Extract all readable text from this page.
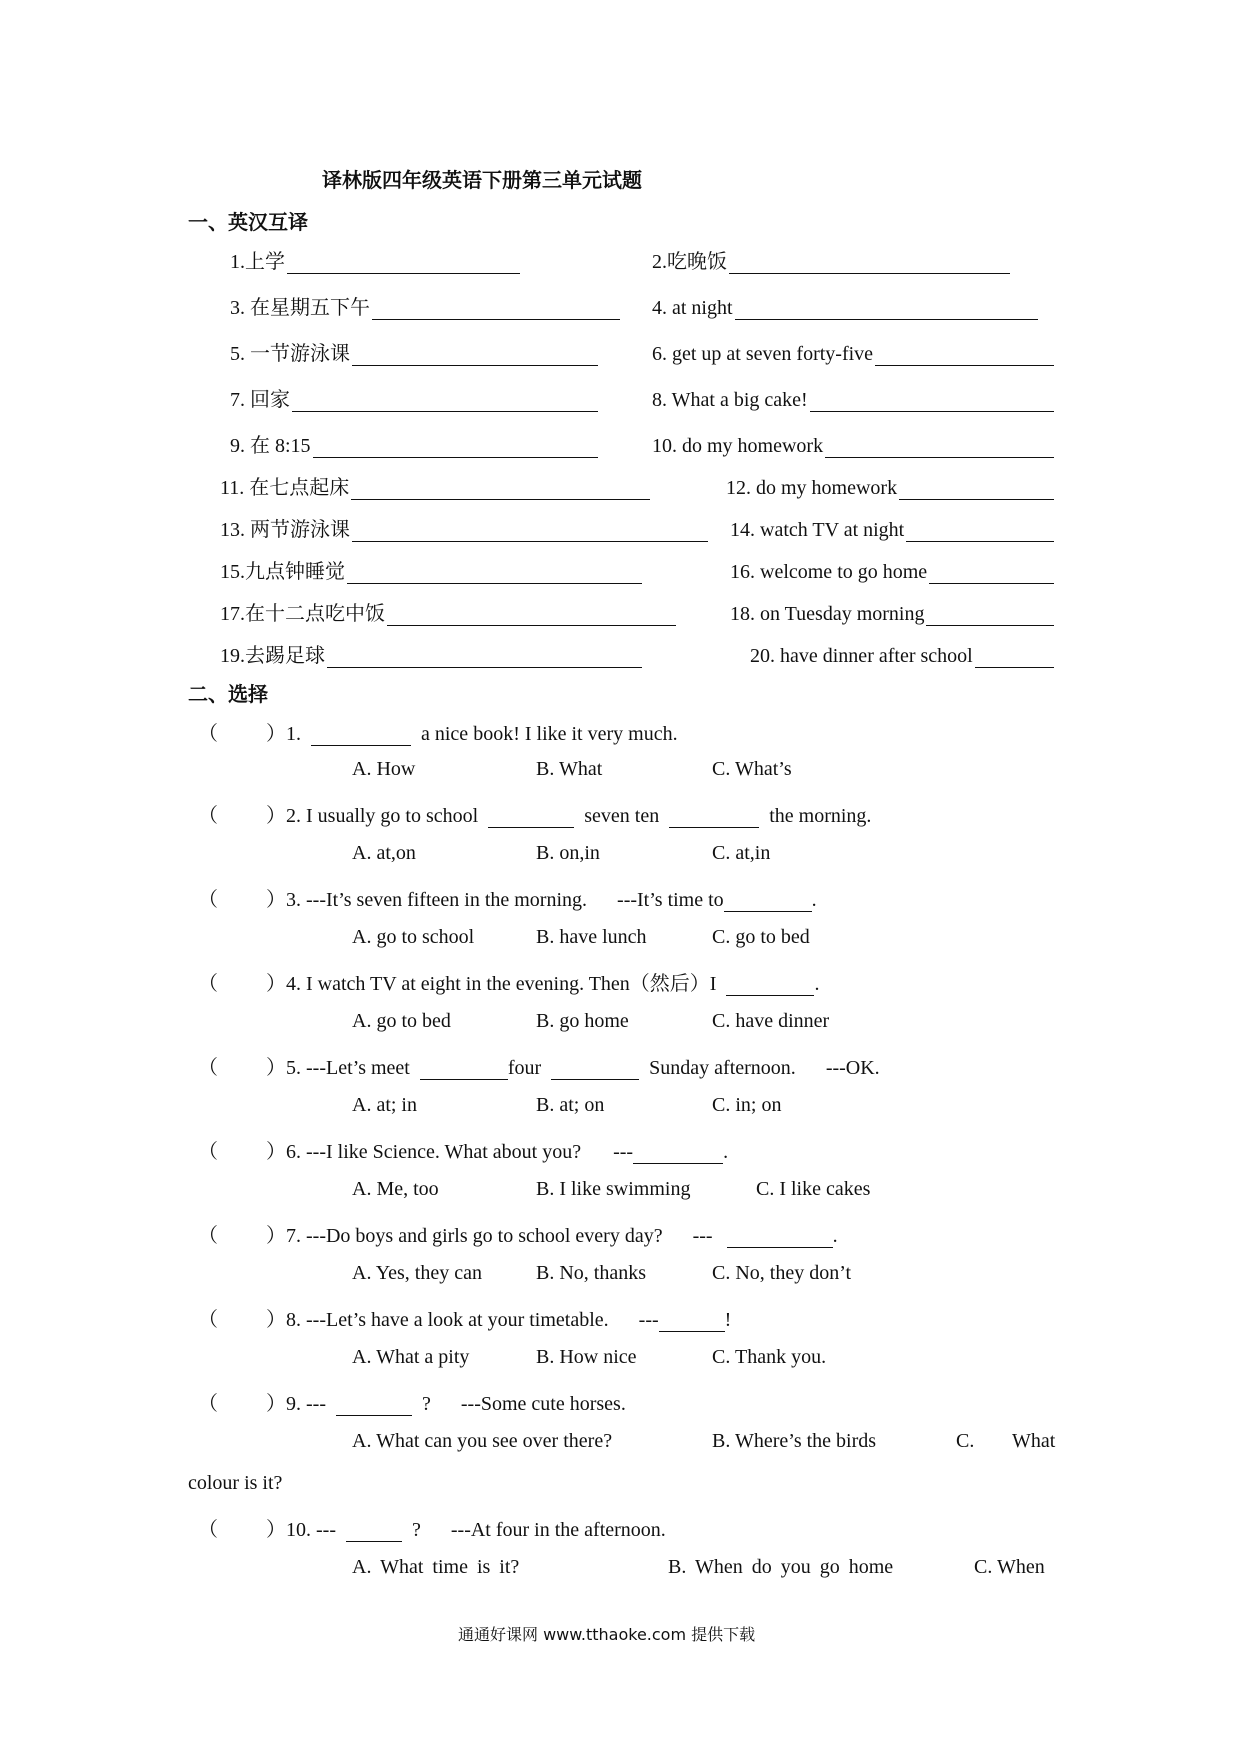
译林版四年级英语下册第三单元试题
一、英汉互译
1.上学	2.吃晚饭
3. 在星期五下午	4. at night
5. 一节游泳课	6. get up at seven forty-five
7. 回家	8. What a big cake!
9. 在 8:15	10. do my homework
11. 在七点起床	12. do my homework
13. 两节游泳课	14. watch TV at night
15.九点钟睡觉	16. welcome to go home
17.在十二点吃中饭	18. on Tuesday morning
19.去踢足球	20. have dinner after school
二、选择
（ ） 1.	a nice book! I like it very much.
A. How	B. What	C. What’s
（ ） 2. I usually go to school	seven ten	the morning.
A. at,on	B. on,in	C. at,in
（ ） 3. ---It’s seven fifteen in the morning. ---It’s time to	.
A. go to school	B. have lunch	C. go to bed
（ ） 4. I watch TV at eight in the evening. Then（然后）I	.
A. go to bed	B. go home	C. have dinner
（ ） 5. ---Let’s meet	four	Sunday afternoon. ---OK.
A. at; in	B. at; on	C. in; on
（ ） 6. ---I like Science. What about you? ---	.
A. Me, too	B. I like swimming	C. I like cakes
（ ） 7. ---Do boys and girls go to school every day? ---	.
A. Yes, they can	B. No, thanks	C. No, they don’t
（ ） 8. ---Let’s have a look at your timetable. ---	!
A. What a pity	B. How nice	C. Thank you.
（ ） 9. ---	? ---Some cute horses.
A. What can you see over there?	B. Where’s the birds	C. What
colour is it?
（ ） 10. ---	? ---At four in the afternoon.
A. What time is it?	B. When do you go home	C. When
通通好课网 www.tthaoke.com 提供下载
